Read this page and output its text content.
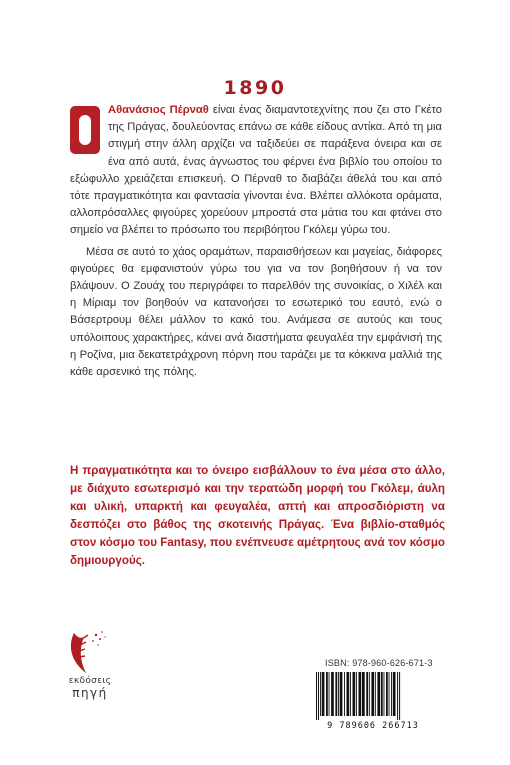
1890

Αθανάσιος Πέρναθ είναι ένας διαμαντοτεχνίτης που ζει στο Γκέτο της Πράγας, δουλεύοντας επάνω σε κάθε είδους αντίκα. Από τη μια στιγμή στην άλλη αρχίζει να ταξιδεύει σε παράξενα όνειρα και σε ένα από αυτά, ένας άγνωστος του φέρνει ένα βιβλίο του οποίου το εξώφυλλο χρειάζεται επισκευή. Ο Πέρναθ το διαβάζει άθελά του και από τότε πραγματικότητα και φαντασία γίνονται ένα. Βλέπει αλλόκοτα οράματα, αλλοπρόσαλλες φιγούρες χορεύουν μπροστά στα μάτια του και φτάνει στο σημείο να βλέπει το πρόσωπο του περιβόητου Γκόλεμ γύρω του.

Μέσα σε αυτό το χάος οραμάτων, παραισθήσεων και μαγείας, διάφορες φιγούρες θα εμφανιστούν γύρω του για να τον βοηθήσουν ή να τον βλάψουν. Ο Ζουάχ του περιγράφει το παρελθόν της συνοικίας, ο Χιλέλ και η Μίριαμ τον βοηθούν να κατανοήσει το εσωτερικό του εαυτό, ενώ ο Βάσερτρουμ θέλει μάλλον το κακό του. Ανάμεσα σε αυτούς και τους υπόλοιπους χαρακτήρες, κάνει ανά διαστήματα φευγαλέα την εμφάνισή της η Ροζίνα, μια δεκατετράχρονη πόρνη που ταράζει με τα κόκκινα μαλλιά της κάθε αρσενικό της πόλης.

Η πραγματικότητα και το όνειρο εισβάλλουν το ένα μέσα στο άλλο, με διάχυτο εσωτερισμό και την τερατώδη μορφή του Γκόλεμ, άυλη και υλική, υπαρκτή και φευγαλέα, απτή και απροσδιόριστη να δεσπόζει στο βάθος της σκοτεινής Πράγας. Ένα βιβλίο-σταθμός στον κόσμο του Fantasy, που ενέπνευσε αμέτρητους ανά τον κόσμο δημιουργούς.

εκδόσεις
πηγή
ISBN: 978-960-626-671-3
9 789606 266713
